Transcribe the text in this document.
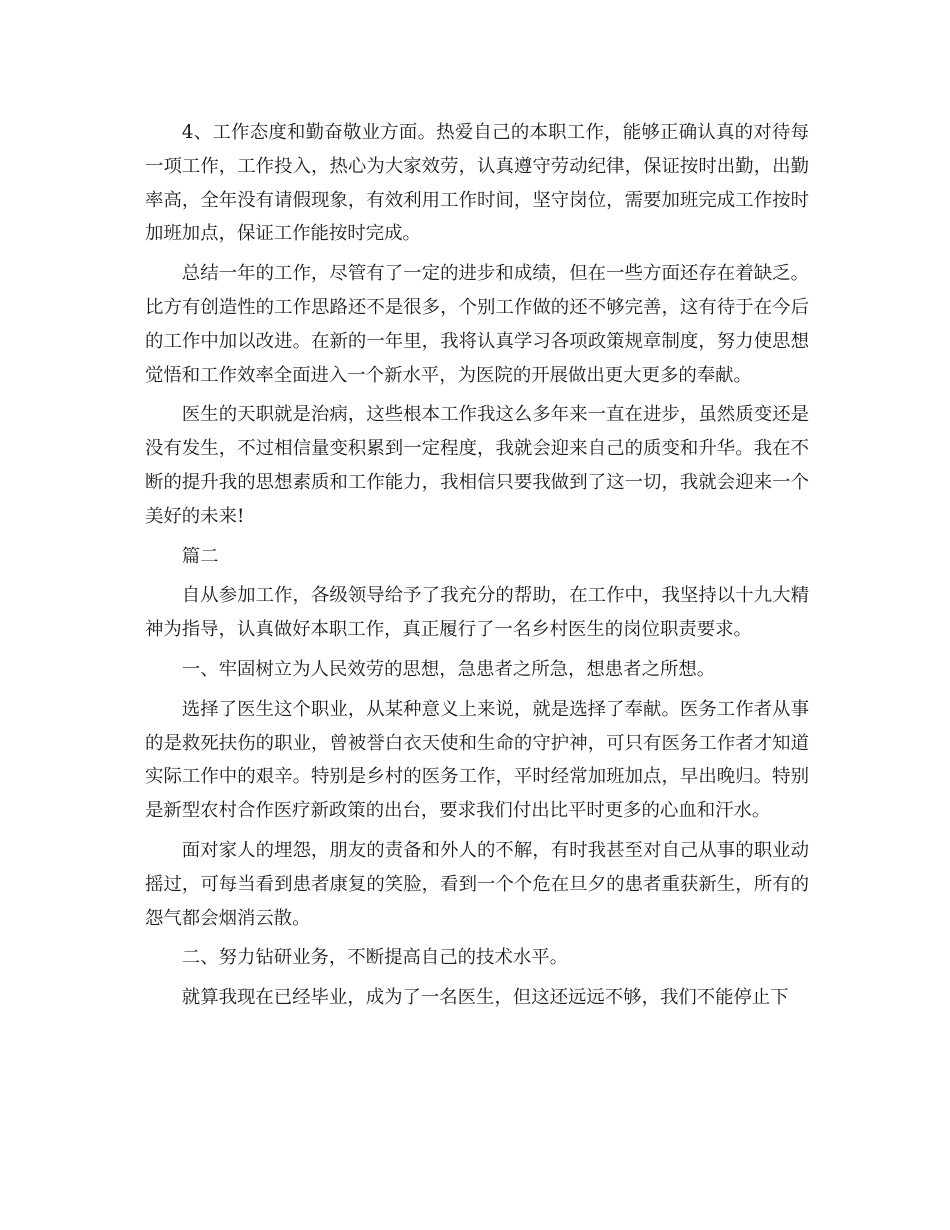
4、工作态度和勤奋敬业方面。热爱自己的本职工作，能够正确认真的对待每一项工作，工作投入，热心为大家效劳，认真遵守劳动纪律，保证按时出勤，出勤率高，全年没有请假现象，有效利用工作时间，坚守岗位，需要加班完成工作按时加班加点，保证工作能按时完成。

总结一年的工作，尽管有了一定的进步和成绩，但在一些方面还存在着缺乏。比方有创造性的工作思路还不是很多，个别工作做的还不够完善，这有待于在今后的工作中加以改进。在新的一年里，我将认真学习各项政策规章制度，努力使思想觉悟和工作效率全面进入一个新水平，为医院的开展做出更大更多的奉献。

医生的天职就是治病，这些根本工作我这么多年来一直在进步，虽然质变还是没有发生，不过相信量变积累到一定程度，我就会迎来自己的质变和升华。我在不断的提升我的思想素质和工作能力，我相信只要我做到了这一切，我就会迎来一个美好的未来!

篇二

自从参加工作，各级领导给予了我充分的帮助，在工作中，我坚持以十九大精神为指导，认真做好本职工作，真正履行了一名乡村医生的岗位职责要求。

一、牢固树立为人民效劳的思想，急患者之所急，想患者之所想。

选择了医生这个职业，从某种意义上来说，就是选择了奉献。医务工作者从事的是救死扶伤的职业，曾被誉白衣天使和生命的守护神，可只有医务工作者才知道实际工作中的艰辛。特别是乡村的医务工作，平时经常加班加点，早出晚归。特别是新型农村合作医疗新政策的出台，要求我们付出比平时更多的心血和汗水。

面对家人的埋怨，朋友的责备和外人的不解，有时我甚至对自己从事的职业动摇过，可每当看到患者康复的笑脸，看到一个个危在旦夕的患者重获新生，所有的怨气都会烟消云散。

二、努力钻研业务，不断提高自己的技术水平。

就算我现在已经毕业，成为了一名医生，但这还远远不够，我们不能停止下
